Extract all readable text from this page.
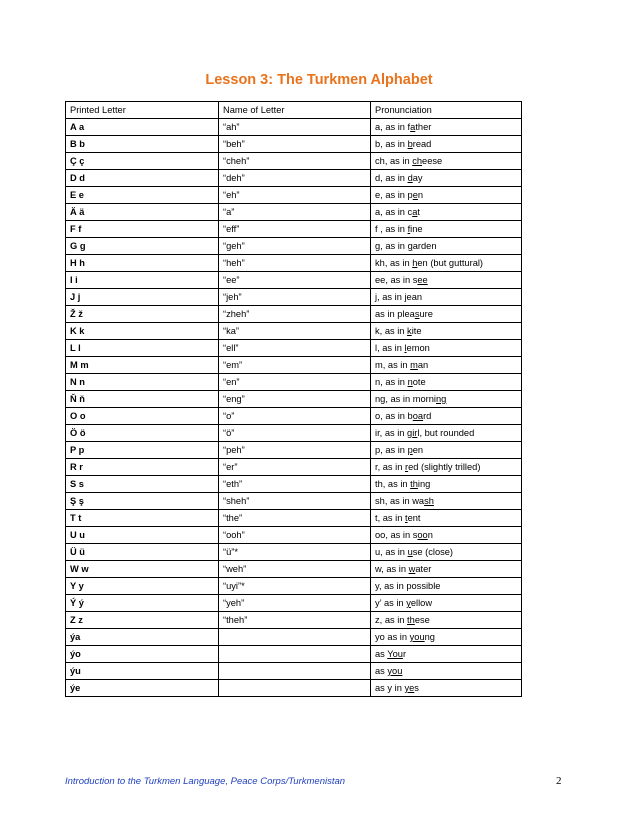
Lesson 3: The Turkmen Alphabet
Printed Letter	Name of Letter	Pronunciation
A a	“ah”	a, as in father
B b	“beh”	b, as in bread
Ç ç	“cheh”	ch, as in cheese
D d	“deh”	d, as in day
E e	“eh”	e, as in pen
Ä ä	“a”	a, as in cat
F f	“eff”	f , as in fine
G g	“geh”	g, as in garden
H h	“heh”	kh, as in hen (but guttural)
I i	“ee”	ee, as in see
J j	“jeh”	j, as in jean
Ž ž	“zheh”	as in pleasure
K k	“ka”	k, as in kite
L l	“ell”	l, as in lemon
M m	“em”	m, as in man
N n	“en”	n, as in note
Ň ň	“eng”	ng, as in morning
O o	“o”	o, as in board
Ö ö	“ö”	ir, as in girl, but rounded
P p	“peh”	p, as in pen
R r	“er”	r, as in red (slightly trilled)
S s	“eth”	th, as in thing
Ş ş	“sheh”	sh, as in wash
T t	“the”	t, as in tent
U u	“ooh”	oo, as in soon
Ü ü	“ü”*	u, as in use (close)
W w	“weh”	w, as in water
Y y	“uyi”*	y, as in possible
Ý ý	“yeh”	y’ as in yellow
Z z	“theh”	z, as in these
ýa		yo as in young
ýo		as Your
ýu		as you
ýe		as y in yes
Introduction to the Turkmen Language, Peace Corps/Turkmenistan	2
